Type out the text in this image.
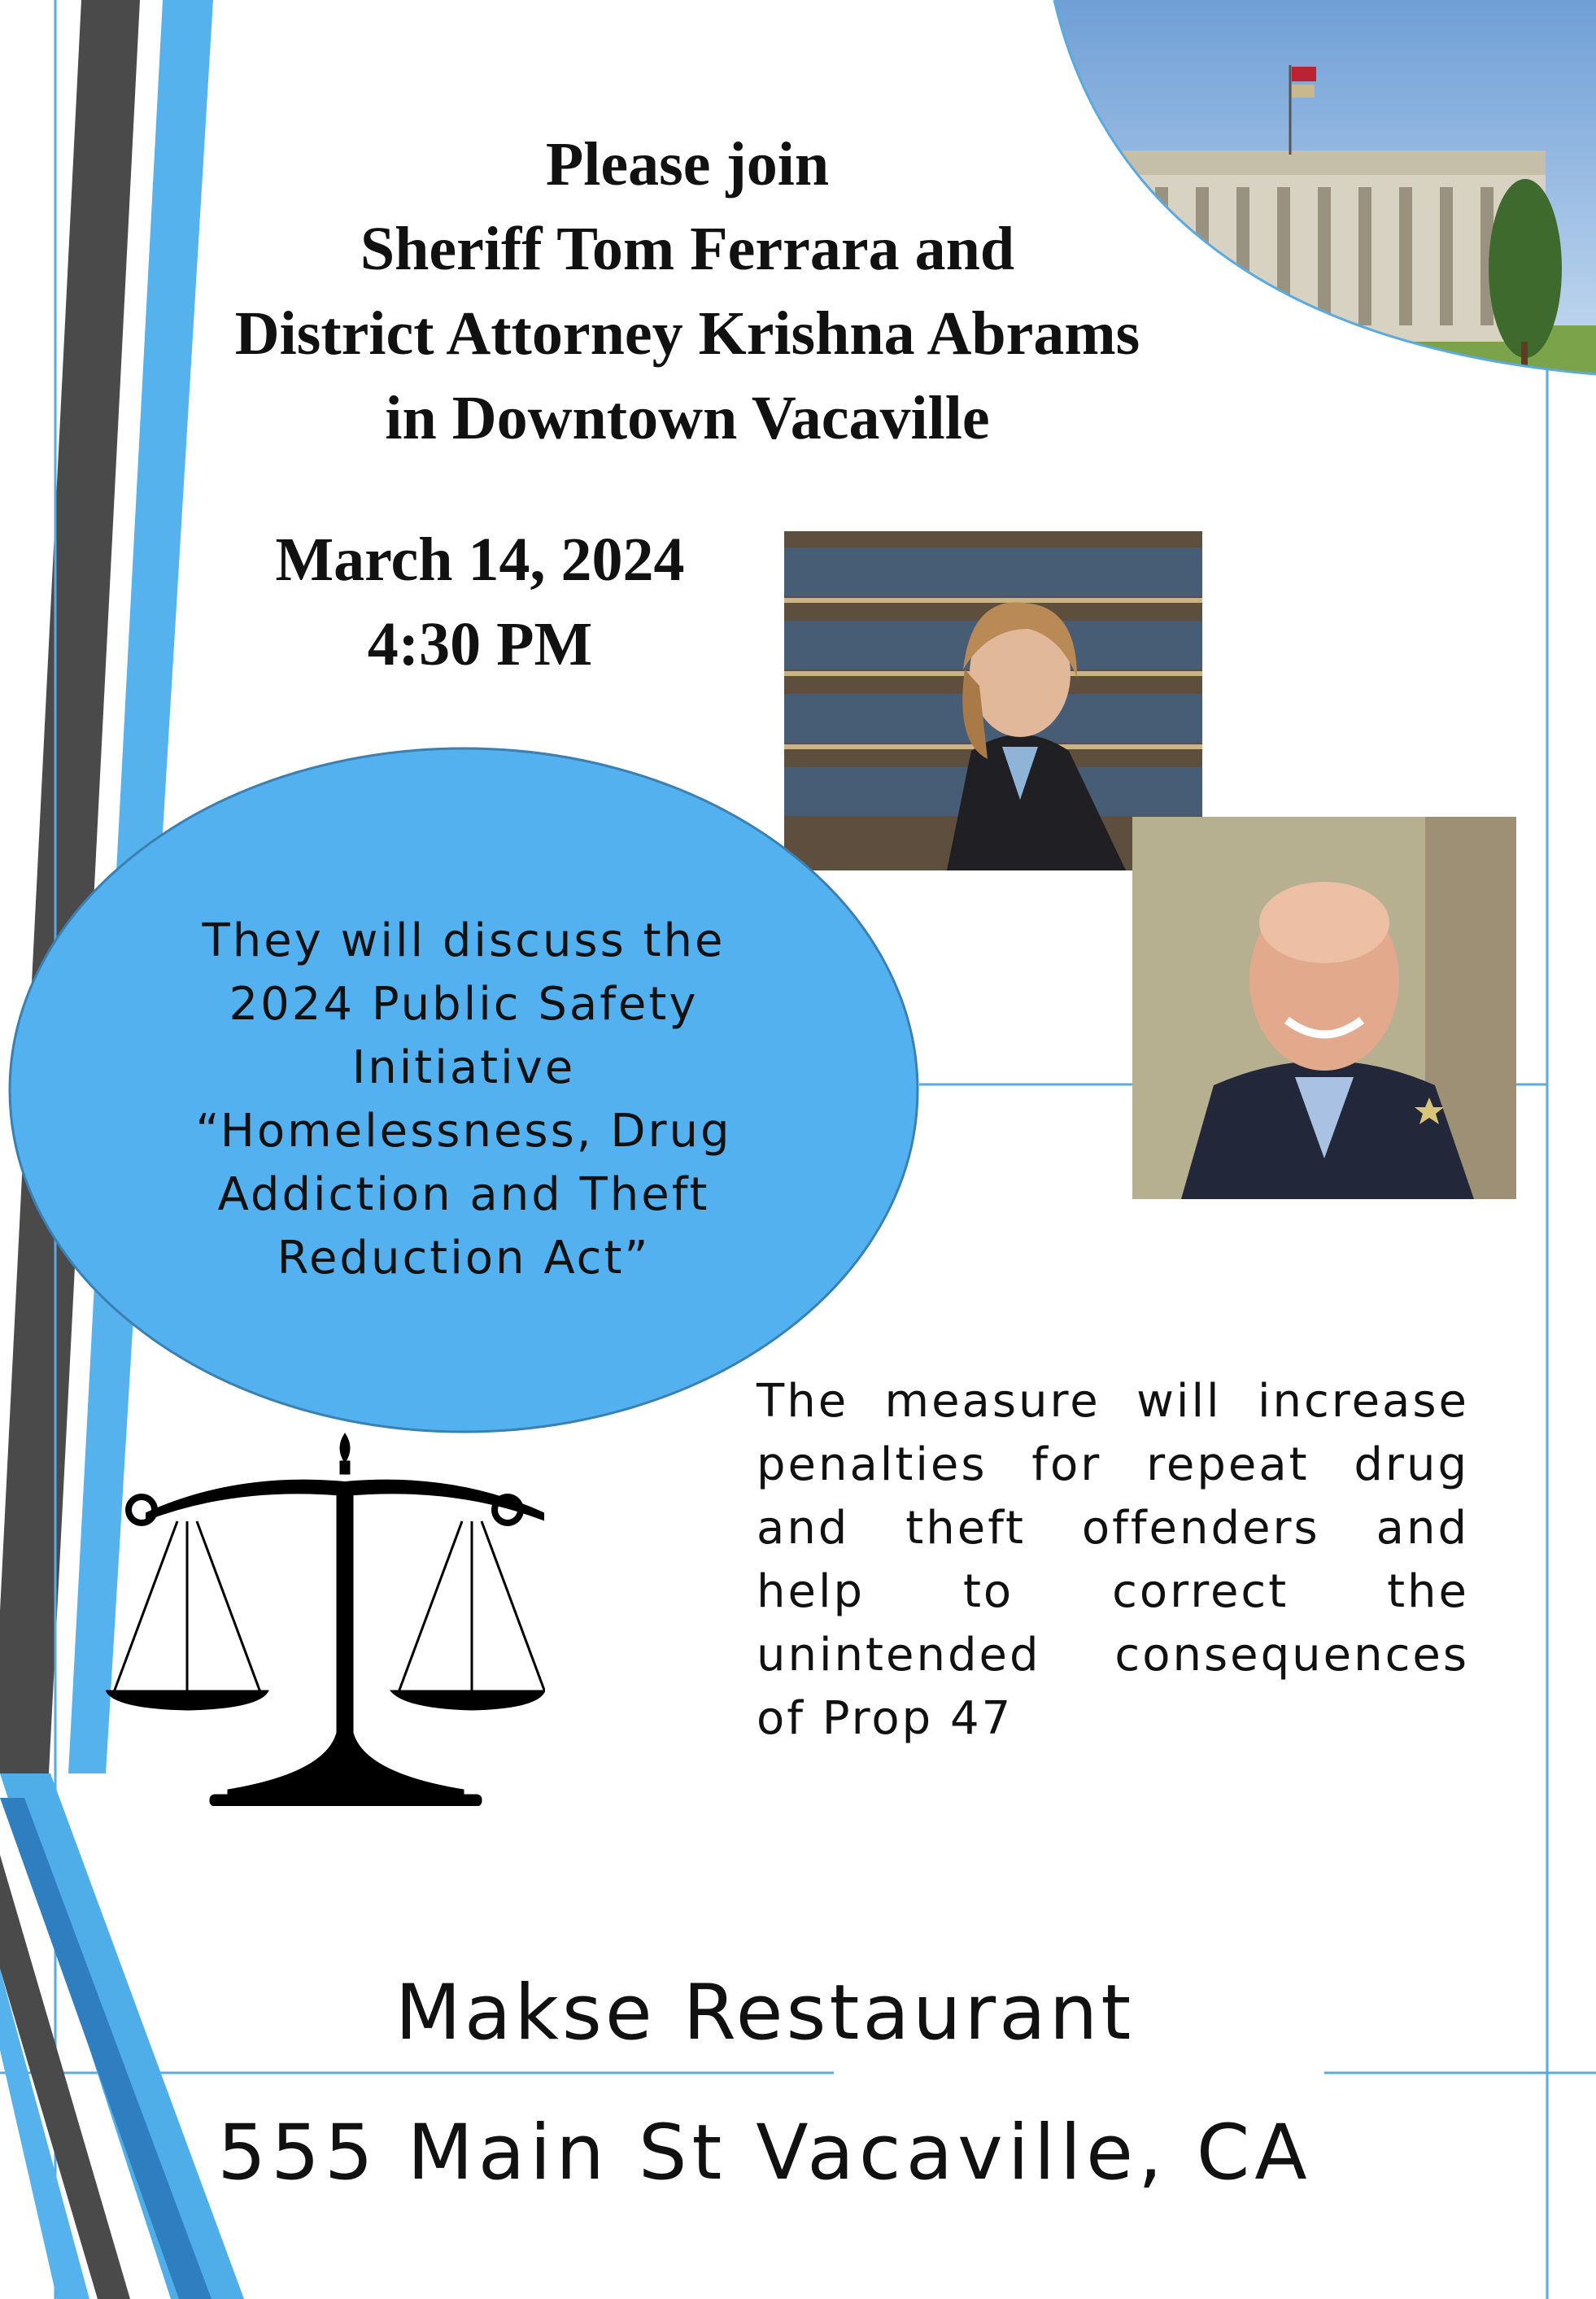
Please join
Sheriff Tom Ferrara and
District Attorney Krishna Abrams
in Downtown Vacaville
March 14, 2024
4:30 PM
They will discuss the
2024 Public Safety
Initiative
“Homelessness, Drug
Addiction and Theft
Reduction Act”
The measure will increase penalties for repeat drug and theft offenders and help to correct the unintended consequences of Prop 47
Makse Restaurant
555 Main St Vacaville, CA
